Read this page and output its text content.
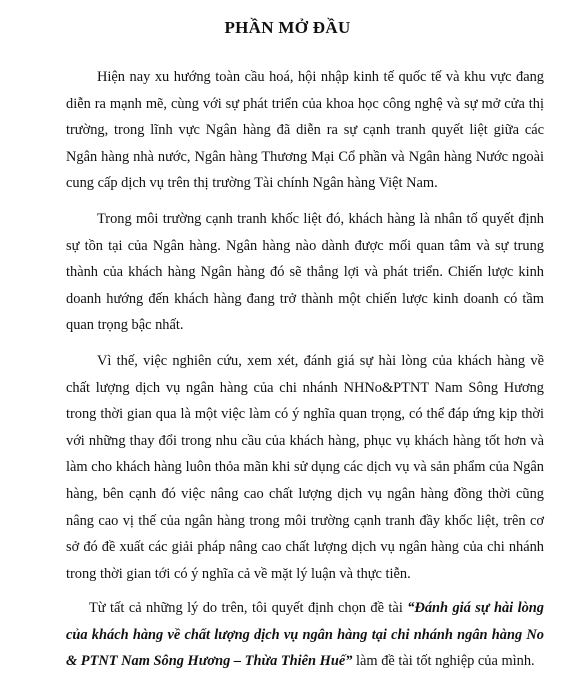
PHẦN MỞ ĐẦU

Hiện nay xu hướng toàn cầu hoá, hội nhập kinh tế quốc tế và khu vực đang diễn ra mạnh mẽ, cùng với sự phát triển của khoa học công nghệ và sự mở cửa thị trường, trong lĩnh vực Ngân hàng đã diễn ra sự cạnh tranh quyết liệt giữa các Ngân hàng nhà nước, Ngân hàng Thương Mại Cổ phần và Ngân hàng Nước ngoài cung cấp dịch vụ trên thị trường Tài chính Ngân hàng Việt Nam.

Trong môi trường cạnh tranh khốc liệt đó, khách hàng là nhân tố quyết định sự tồn tại của Ngân hàng. Ngân hàng nào dành được mối quan tâm và sự trung thành của khách hàng Ngân hàng đó sẽ thắng lợi và phát triển. Chiến lược kinh doanh hướng đến khách hàng đang trở thành một chiến lược kinh doanh có tầm quan trọng bậc nhất.

Vì thế, việc nghiên cứu, xem xét, đánh giá sự hài lòng của khách hàng về chất lượng dịch vụ ngân hàng của chi nhánh NHNo&PTNT Nam Sông Hương trong thời gian qua là một việc làm có ý nghĩa quan trọng, có thể đáp ứng kịp thời với những thay đổi trong nhu cầu của khách hàng, phục vụ khách hàng tốt hơn và làm cho khách hàng luôn thỏa mãn khi sử dụng các dịch vụ và sản phẩm của Ngân hàng, bên cạnh đó việc nâng cao chất lượng dịch vụ ngân hàng đồng thời cũng nâng cao vị thế của ngân hàng trong môi trường cạnh tranh đầy khốc liệt, trên cơ sở đó đề xuất các giải pháp nâng cao chất lượng dịch vụ ngân hàng của chi nhánh trong thời gian tới có ý nghĩa cả về mặt lý luận và thực tiễn.

Từ tất cả những lý do trên, tôi quyết định chọn đề tài “Đánh giá sự hài lòng của khách hàng về chất lượng dịch vụ ngân hàng tại chi nhánh ngân hàng No & PTNT Nam Sông Hương – Thừa Thiên Huế” làm đề tài tốt nghiệp của mình.
